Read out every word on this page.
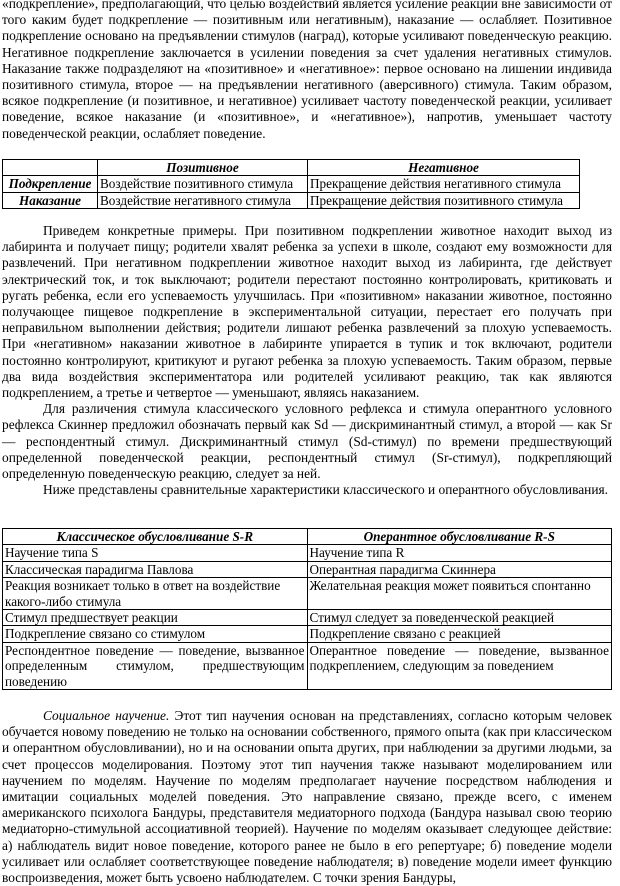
«подкрепление», предполагающий, что целью воздействий является усиление реакции вне зависимости от того каким будет подкрепление — позитивным или негативным), наказание — ослабляет. Позитивное подкрепление основано на предъявлении стимулов (наград), которые усиливают поведенческую реакцию. Негативное подкрепление заключается в усилении поведения за счет удаления негативных стимулов. Наказание также подразделяют на «позитивное» и «негативное»: первое основано на лишении индивида позитивного стимула, второе — на предъявлении негативного (аверсивного) стимула. Таким образом, всякое подкрепление (и позитивное, и негативное) усиливает частоту поведенческой реакции, усиливает поведение, всякое наказание (и «позитивное», и «негативное»), напротив, уменьшает частоту поведенческой реакции, ослабляет поведение.

	Позитивное	Негативное
Подкрепление	Воздействие позитивного стимула	Прекращение действия негативного стимула
Наказание	Воздействие негативного стимула	Прекращение действия позитивного стимула

Приведем конкретные примеры. При позитивном подкреплении животное находит выход из лабиринта и получает пищу; родители хвалят ребенка за успехи в школе, создают ему возможности для развлечений. При негативном подкреплении животное находит выход из лабиринта, где действует электрический ток, и ток выключают; родители перестают постоянно контролировать, критиковать и ругать ребенка, если его успеваемость улучшилась. При «позитивном» наказании животное, постоянно получающее пищевое подкрепление в экспериментальной ситуации, перестает его получать при неправильном выполнении действия; родители лишают ребенка развлечений за плохую успеваемость. При «негативном» наказании животное в лабиринте упирается в тупик и ток включают, родители постоянно контролируют, критикуют и ругают ребенка за плохую успеваемость. Таким образом, первые два вида воздействия экспериментатора или родителей усиливают реакцию, так как являются подкреплением, а третье и четвертое — уменьшают, являясь наказанием.

Для различения стимула классического условного рефлекса и стимула оперантного условного рефлекса Скиннер предложил обозначать первый как Sd — дискриминантный стимул, а второй — как Sr — респондентный стимул. Дискриминантный стимул (Sd-стимул) по времени предшествующий определенной поведенческой реакции, респондентный стимул (Sr-стимул), подкрепляющий определенную поведенческую реакцию, следует за ней.

Ниже представлены сравнительные характеристики классического и оперантного обусловливания.

Классическое обусловливание S-R	Оперантное обусловливание R-S
Научение типа S	Научение типа R
Классическая парадигма Павлова	Оперантная парадигма Скиннера
Реакция возникает только в ответ на воздействие какого-либо стимула	Желательная реакция может появиться спонтанно
Стимул предшествует реакции	Стимул следует за поведенческой реакцией
Подкрепление связано со стимулом	Подкрепление связано с реакцией
Респондентное поведение — поведение, вызванное определенным стимулом, предшествующим поведению	Оперантное поведение — поведение, вызванное подкреплением, следующим за поведением

Социальное научение. Этот тип научения основан на представлениях, согласно которым человек обучается новому поведению не только на основании собственного, прямого опыта (как при классическом и оперантном обусловливании), но и на основании опыта других, при наблюдении за другими людьми, за счет процессов моделирования. Поэтому этот тип научения также называют моделированием или научением по моделям. Научение по моделям предполагает научение посредством наблюдения и имитации социальных моделей поведения. Это направление связано, прежде всего, с именем американского психолога Бандуры, представителя медиаторного подхода (Бандура называл свою теорию медиаторно-стимульной ассоциативной теорией). Научение по моделям оказывает следующее действие: а) наблюдатель видит новое поведение, которого ранее не было в его репертуаре; б) поведение модели усиливает или ослабляет соответствующее поведение наблюдателя; в) поведение модели имеет функцию воспроизведения, может быть усвоено наблюдателем. С точки зрения Бандуры,
